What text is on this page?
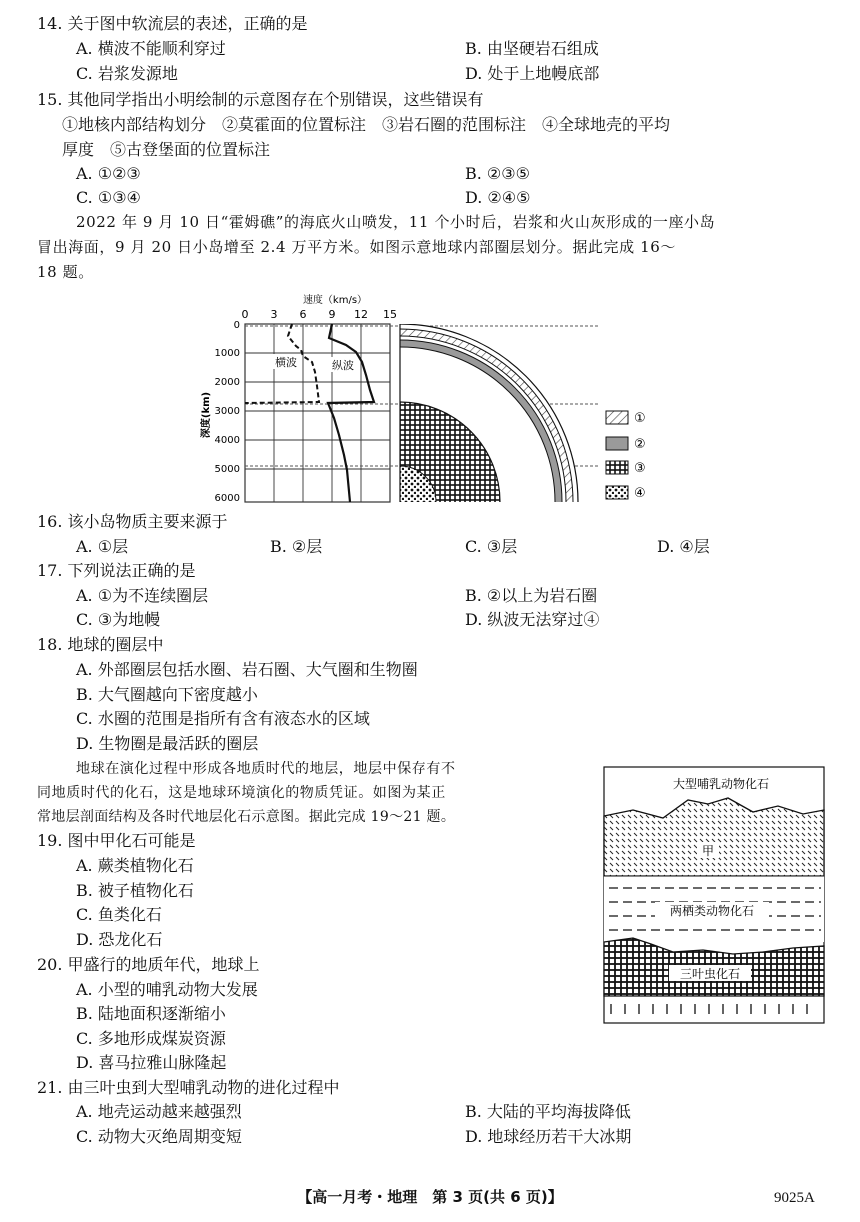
14. 关于图中软流层的表述，正确的是
A. 横波不能顺利穿过	B. 由坚硬岩石组成
C. 岩浆发源地	D. 处于上地幔底部
15. 其他同学指出小明绘制的示意图存在个别错误，这些错误有
①地核内部结构划分　②莫霍面的位置标注　③岩石圈的范围标注　④全球地壳的平均
厚度　⑤古登堡面的位置标注
A. ①②③	B. ②③⑤
C. ①③④	D. ②④⑤
2022 年 9 月 10 日“霍姆礁”的海底火山喷发，11 个小时后，岩浆和火山灰形成的一座小岛
冒出海面，9 月 20 日小岛增至 2.4 万平方米。如图示意地球内部圈层划分。据此完成 16～
18 题。
速度（km/s）
0 3 6 9 12 15
0
1000
2000
3000
4000
5000
6000
深度(km)
横波	纵波
①
②
③
④
16. 该小岛物质主要来源于
A. ①层	B. ②层	C. ③层	D. ④层
17. 下列说法正确的是
A. ①为不连续圈层	B. ②以上为岩石圈
C. ③为地幔	D. 纵波无法穿过④
18. 地球的圈层中
A. 外部圈层包括水圈、岩石圈、大气圈和生物圈
B. 大气圈越向下密度越小
C. 水圈的范围是指所有含有液态水的区域
D. 生物圈是最活跃的圈层
地球在演化过程中形成各地质时代的地层，地层中保存有不
同地质时代的化石，这是地球环境演化的物质凭证。如图为某正
常地层剖面结构及各时代地层化石示意图。据此完成 19～21 题。
大型哺乳动物化石
甲
两栖类动物化石
三叶虫化石
19. 图中甲化石可能是
A. 蕨类植物化石
B. 被子植物化石
C. 鱼类化石
D. 恐龙化石
20. 甲盛行的地质年代，地球上
A. 小型的哺乳动物大发展
B. 陆地面积逐渐缩小
C. 多地形成煤炭资源
D. 喜马拉雅山脉隆起
21. 由三叶虫到大型哺乳动物的进化过程中
A. 地壳运动越来越强烈	B. 大陆的平均海拔降低
C. 动物大灭绝周期变短	D. 地球经历若干大冰期
【高一月考・地理　第 3 页(共 6 页)】	9025A
